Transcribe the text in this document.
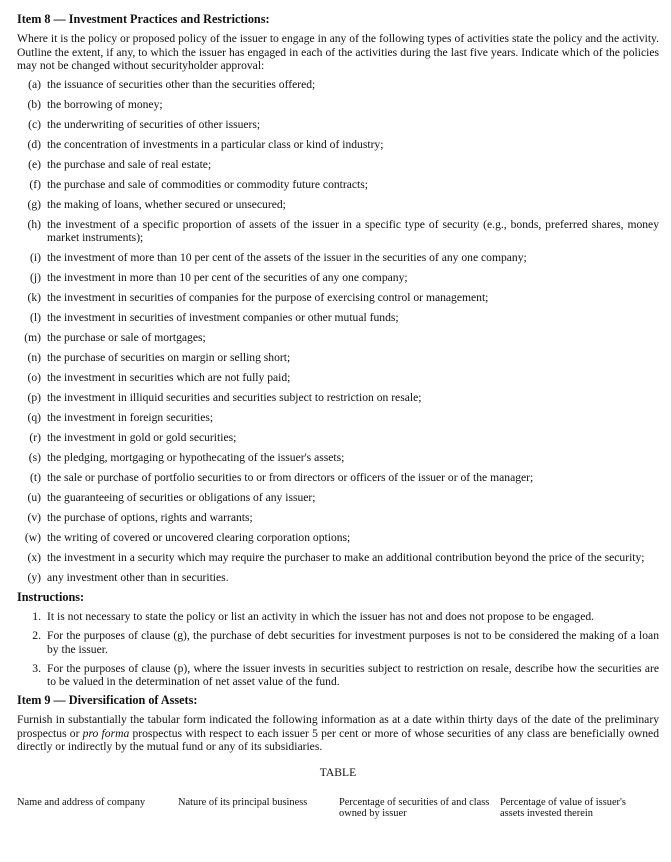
Item 8 — Investment Practices and Restrictions:
Where it is the policy or proposed policy of the issuer to engage in any of the following types of activities state the policy and the activity. Outline the extent, if any, to which the issuer has engaged in each of the activities during the last five years. Indicate which of the policies may not be changed without securityholder approval:
(a) the issuance of securities other than the securities offered;
(b) the borrowing of money;
(c) the underwriting of securities of other issuers;
(d) the concentration of investments in a particular class or kind of industry;
(e) the purchase and sale of real estate;
(f) the purchase and sale of commodities or commodity future contracts;
(g) the making of loans, whether secured or unsecured;
(h) the investment of a specific proportion of assets of the issuer in a specific type of security (e.g., bonds, preferred shares, money market instruments);
(i) the investment of more than 10 per cent of the assets of the issuer in the securities of any one company;
(j) the investment in more than 10 per cent of the securities of any one company;
(k) the investment in securities of companies for the purpose of exercising control or management;
(l) the investment in securities of investment companies or other mutual funds;
(m) the purchase or sale of mortgages;
(n) the purchase of securities on margin or selling short;
(o) the investment in securities which are not fully paid;
(p) the investment in illiquid securities and securities subject to restriction on resale;
(q) the investment in foreign securities;
(r) the investment in gold or gold securities;
(s) the pledging, mortgaging or hypothecating of the issuer's assets;
(t) the sale or purchase of portfolio securities to or from directors or officers of the issuer or of the manager;
(u) the guaranteeing of securities or obligations of any issuer;
(v) the purchase of options, rights and warrants;
(w) the writing of covered or uncovered clearing corporation options;
(x) the investment in a security which may require the purchaser to make an additional contribution beyond the price of the security;
(y) any investment other than in securities.
Instructions:
1. It is not necessary to state the policy or list an activity in which the issuer has not and does not propose to be engaged.
2. For the purposes of clause (g), the purchase of debt securities for investment purposes is not to be considered the making of a loan by the issuer.
3. For the purposes of clause (p), where the issuer invests in securities subject to restriction on resale, describe how the securities are to be valued in the determination of net asset value of the fund.
Item 9 — Diversification of Assets:
Furnish in substantially the tabular form indicated the following information as at a date within thirty days of the date of the preliminary prospectus or pro forma prospectus with respect to each issuer 5 per cent or more of whose securities of any class are beneficially owned directly or indirectly by the mutual fund or any of its subsidiaries.
TABLE
Name and address of company	Nature of its principal business	Percentage of securities of and class owned by issuer
Percentage of value of issuer's assets invested therein
